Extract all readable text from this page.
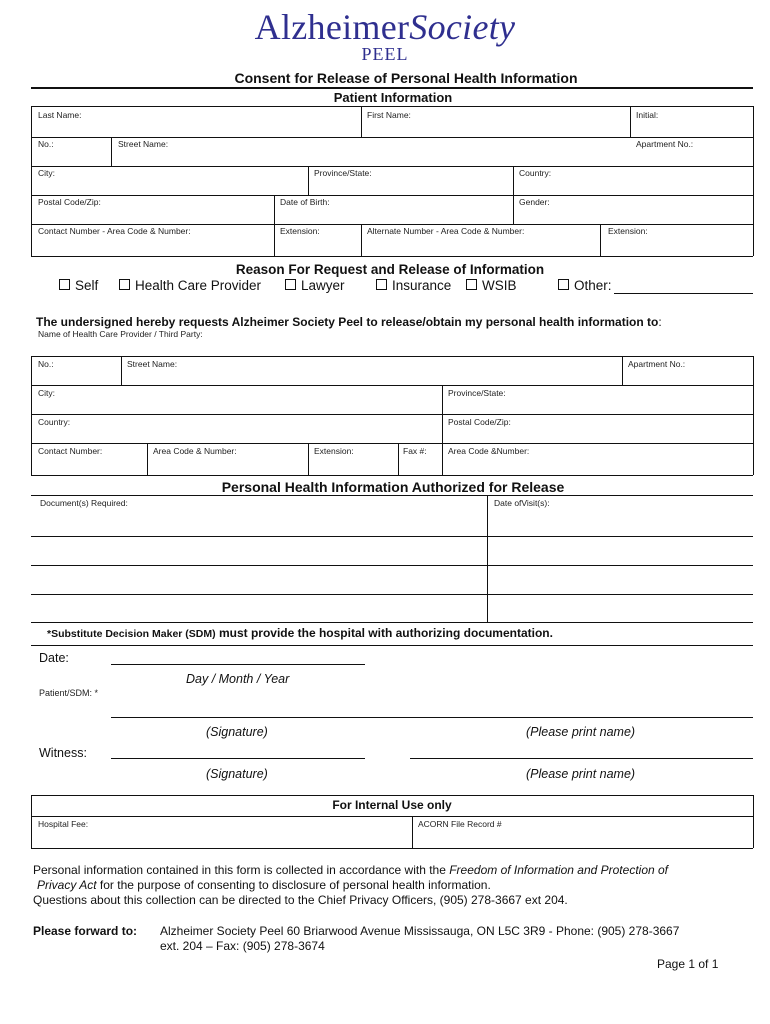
AlzheimerSociety
PEEL
Consent for Release of Personal Health Information
Patient Information
Last Name:	First Name:	Initial:
No.:	Street Name:	Apartment No.:
City:	Province/State:	Country:
Postal Code/Zip:	Date of Birth:	Gender:
Contact Number - Area Code & Number:	Extension:	Alternate Number - Area Code & Number:	Extension:
Reason For Request and Release of Information
Self	Health Care Provider	Lawyer	Insurance	WSIB	Other:
The undersigned hereby requests Alzheimer Society Peel to release/obtain my personal health information to:
Name of Health Care Provider / Third Party:
No.:	Street Name:	Apartment No.:
City:	Province/State:
Country:	Postal Code/Zip:
Contact Number:	Area Code & Number:	Extension:	Fax #:	Area Code &Number:
Personal Health Information Authorized for Release
Document(s) Required:	Date ofVisit(s):
*Substitute Decision Maker (SDM) must provide the hospital with authorizing documentation.
Date:
Day / Month / Year
Patient/SDM: *
(Signature)	(Please print name)
Witness:
(Signature)	(Please print name)
For Internal Use only
Hospital Fee:	ACORN File Record #
Personal information contained in this form is collected in accordance with the Freedom of Information and Protection of
Privacy Act for the purpose of consenting to disclosure of personal health information.
Questions about this collection can be directed to the Chief Privacy Officers, (905) 278-3667 ext 204.
Please forward to: Alzheimer Society Peel 60 Briarwood Avenue Mississauga, ON L5C 3R9 - Phone: (905) 278-3667
ext. 204 – Fax: (905) 278-3674
Page 1 of 1
